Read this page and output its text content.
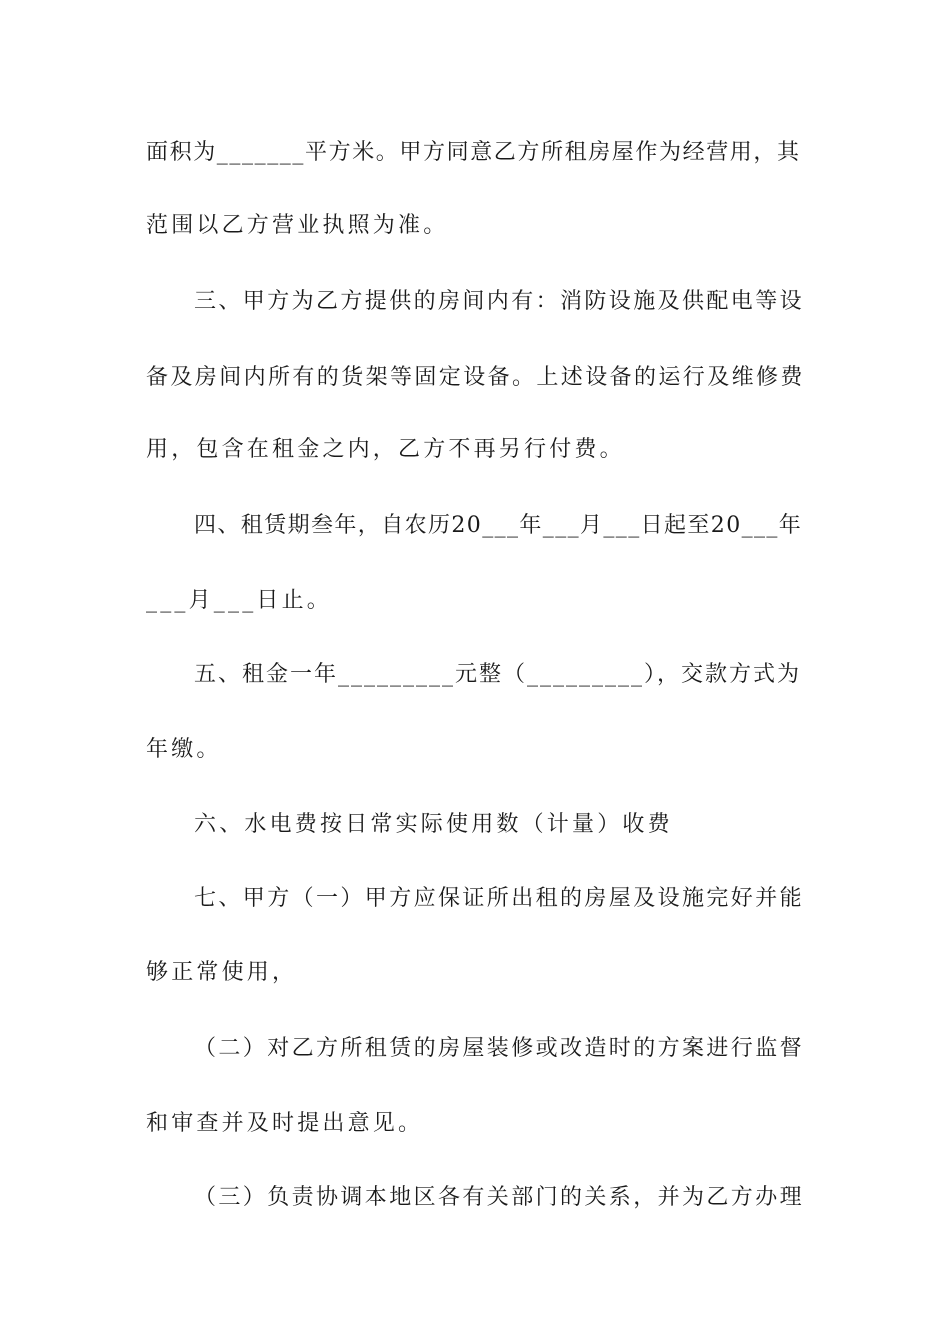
面积为_______平方米。甲方同意乙方所租房屋作为经营用，其
范围以乙方营业执照为准。
三、甲方为乙方提供的房间内有：消防设施及供配电等设
备及房间内所有的货架等固定设备。上述设备的运行及维修费
用，包含在租金之内，乙方不再另行付费。
四、租赁期叁年，自农历20___年___月___日起至20___年
___月___日止。
五、租金一年_________元整（_________），交款方式为
年缴。
六、水电费按日常实际使用数（计量）收费
七、甲方（一）甲方应保证所出租的房屋及设施完好并能
够正常使用，
（二）对乙方所租赁的房屋装修或改造时的方案进行监督
和审查并及时提出意见。
（三）负责协调本地区各有关部门的关系，并为乙方办理
